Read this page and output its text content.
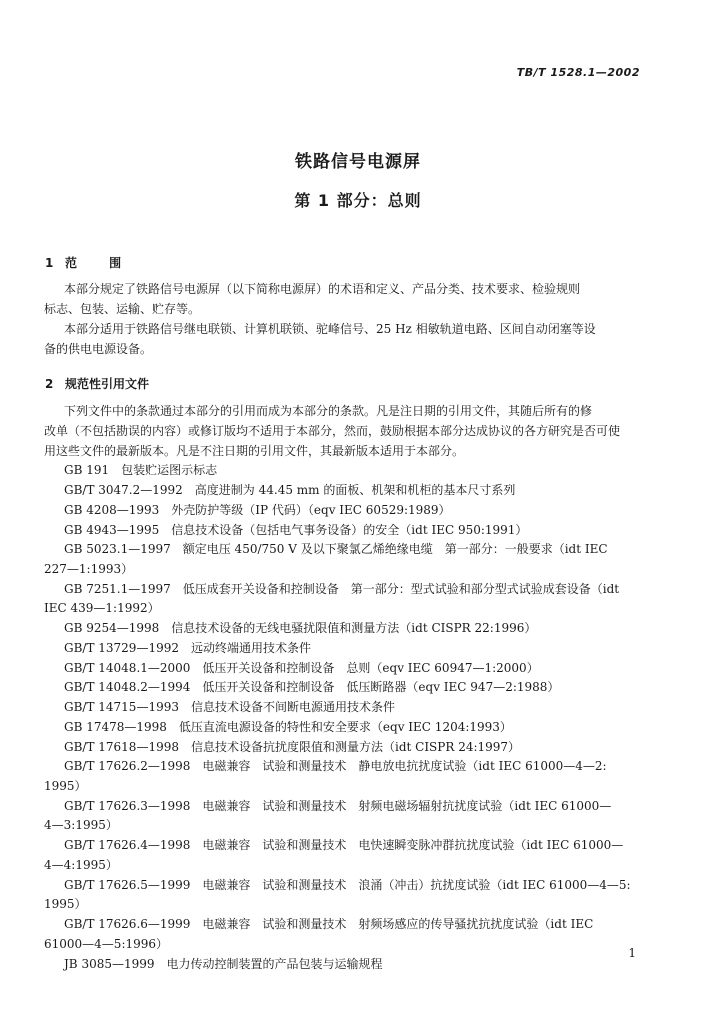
TB/T 1528.1—2002
铁路信号电源屏
第 1 部分：总则
1 范 围
本部分规定了铁路信号电源屏（以下简称电源屏）的术语和定义、产品分类、技术要求、检验规则
标志、包装、运输、贮存等。
本部分适用于铁路信号继电联锁、计算机联锁、驼峰信号、25 Hz 相敏轨道电路、区间自动闭塞等设
备的供电电源设备。
2 规范性引用文件
下列文件中的条款通过本部分的引用而成为本部分的条款。凡是注日期的引用文件，其随后所有的修
改单（不包括勘误的内容）或修订版均不适用于本部分，然而，鼓励根据本部分达成协议的各方研究是否可使
用这些文件的最新版本。凡是不注日期的引用文件，其最新版本适用于本部分。
GB 191　包装贮运图示标志
GB/T 3047.2—1992　高度进制为 44.45 mm 的面板、机架和机柜的基本尺寸系列
GB 4208—1993　外壳防护等级（IP 代码）（eqv IEC 60529:1989）
GB 4943—1995　信息技术设备（包括电气事务设备）的安全（idt IEC 950:1991）
GB 5023.1—1997　额定电压 450/750 V 及以下聚氯乙烯绝缘电缆　第一部分：一般要求（idt IEC
227—1:1993）
GB 7251.1—1997　低压成套开关设备和控制设备　第一部分：型式试验和部分型式试验成套设备（idt
IEC 439—1:1992）
GB 9254—1998　信息技术设备的无线电骚扰限值和测量方法（idt CISPR 22:1996）
GB/T 13729—1992　远动终端通用技术条件
GB/T 14048.1—2000　低压开关设备和控制设备　总则（eqv IEC 60947—1:2000）
GB/T 14048.2—1994　低压开关设备和控制设备　低压断路器（eqv IEC 947—2:1988）
GB/T 14715—1993　信息技术设备不间断电源通用技术条件
GB 17478—1998　低压直流电源设备的特性和安全要求（eqv IEC 1204:1993）
GB/T 17618—1998　信息技术设备抗扰度限值和测量方法（idt CISPR 24:1997）
GB/T 17626.2—1998　电磁兼容　试验和测量技术　静电放电抗扰度试验（idt IEC 61000—4—2:
1995）
GB/T 17626.3—1998　电磁兼容　试验和测量技术　射频电磁场辐射抗扰度试验（idt IEC 61000—
4—3:1995）
GB/T 17626.4—1998　电磁兼容　试验和测量技术　电快速瞬变脉冲群抗扰度试验（idt IEC 61000—
4—4:1995）
GB/T 17626.5—1999　电磁兼容　试验和测量技术　浪涌（冲击）抗扰度试验（idt IEC 61000—4—5:
1995）
GB/T 17626.6—1999　电磁兼容　试验和测量技术　射频场感应的传导骚扰抗扰度试验（idt IEC
61000—4—5:1996）
JB 3085—1999　电力传动控制装置的产品包装与运输规程
1
